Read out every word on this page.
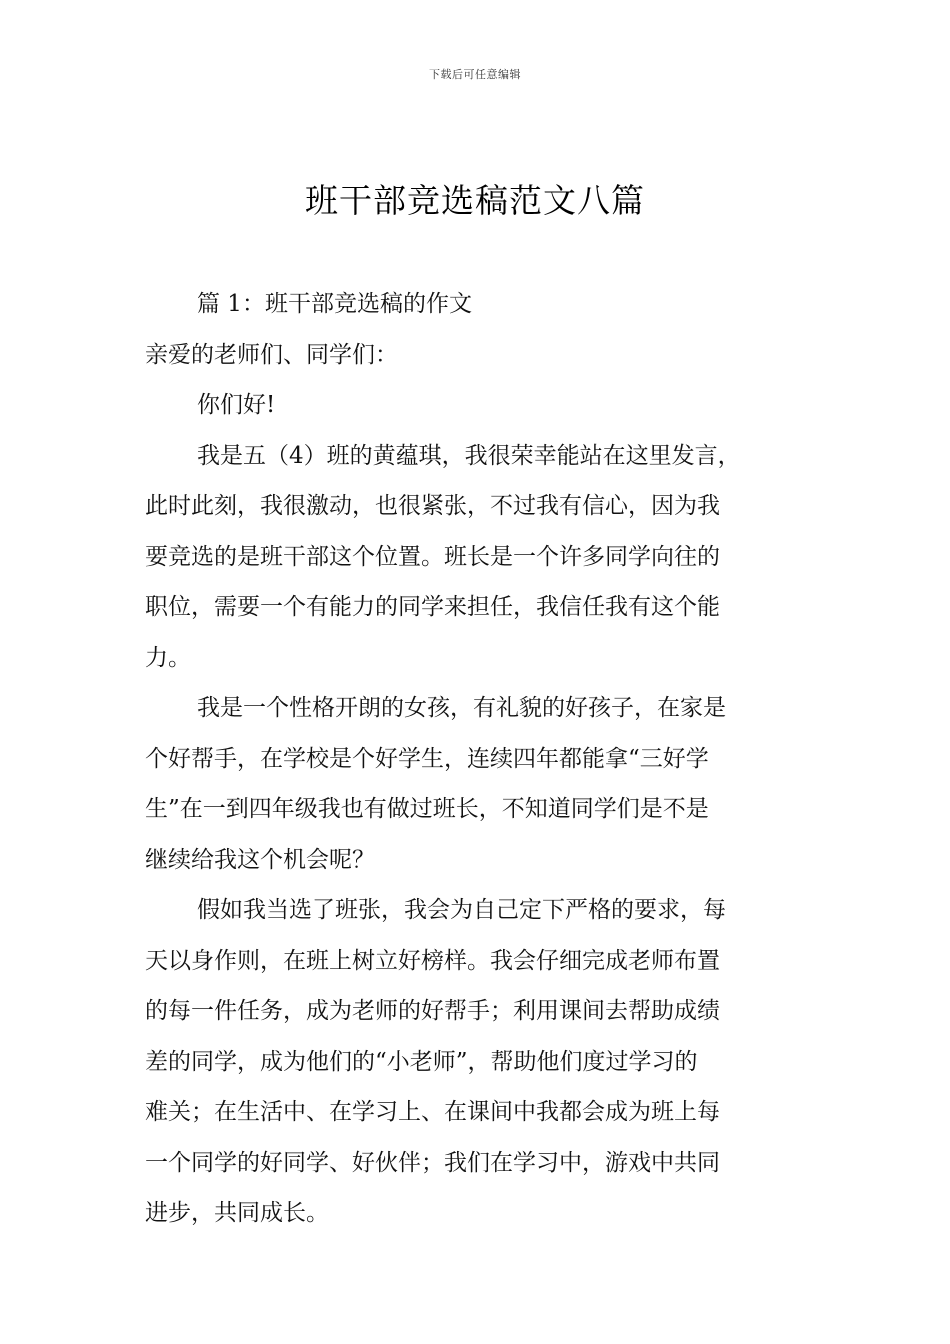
下载后可任意编辑
班干部竞选稿范文八篇
篇 1：班干部竞选稿的作文
亲爱的老师们、同学们：
你们好!
我是五（4）班的黄蕴琪，我很荣幸能站在这里发言，
此时此刻，我很激动，也很紧张，不过我有信心，因为我
要竞选的是班干部这个位置。班长是一个许多同学向往的
职位，需要一个有能力的同学来担任，我信任我有这个能
力。
我是一个性格开朗的女孩，有礼貌的好孩子，在家是
个好帮手，在学校是个好学生，连续四年都能拿“三好学
生”在一到四年级我也有做过班长，不知道同学们是不是
继续给我这个机会呢？
假如我当选了班张，我会为自己定下严格的要求，每
天以身作则，在班上树立好榜样。我会仔细完成老师布置
的每一件任务，成为老师的好帮手；利用课间去帮助成绩
差的同学，成为他们的“小老师”，帮助他们度过学习的
难关；在生活中、在学习上、在课间中我都会成为班上每
一个同学的好同学、好伙伴；我们在学习中，游戏中共同
进步，共同成长。
